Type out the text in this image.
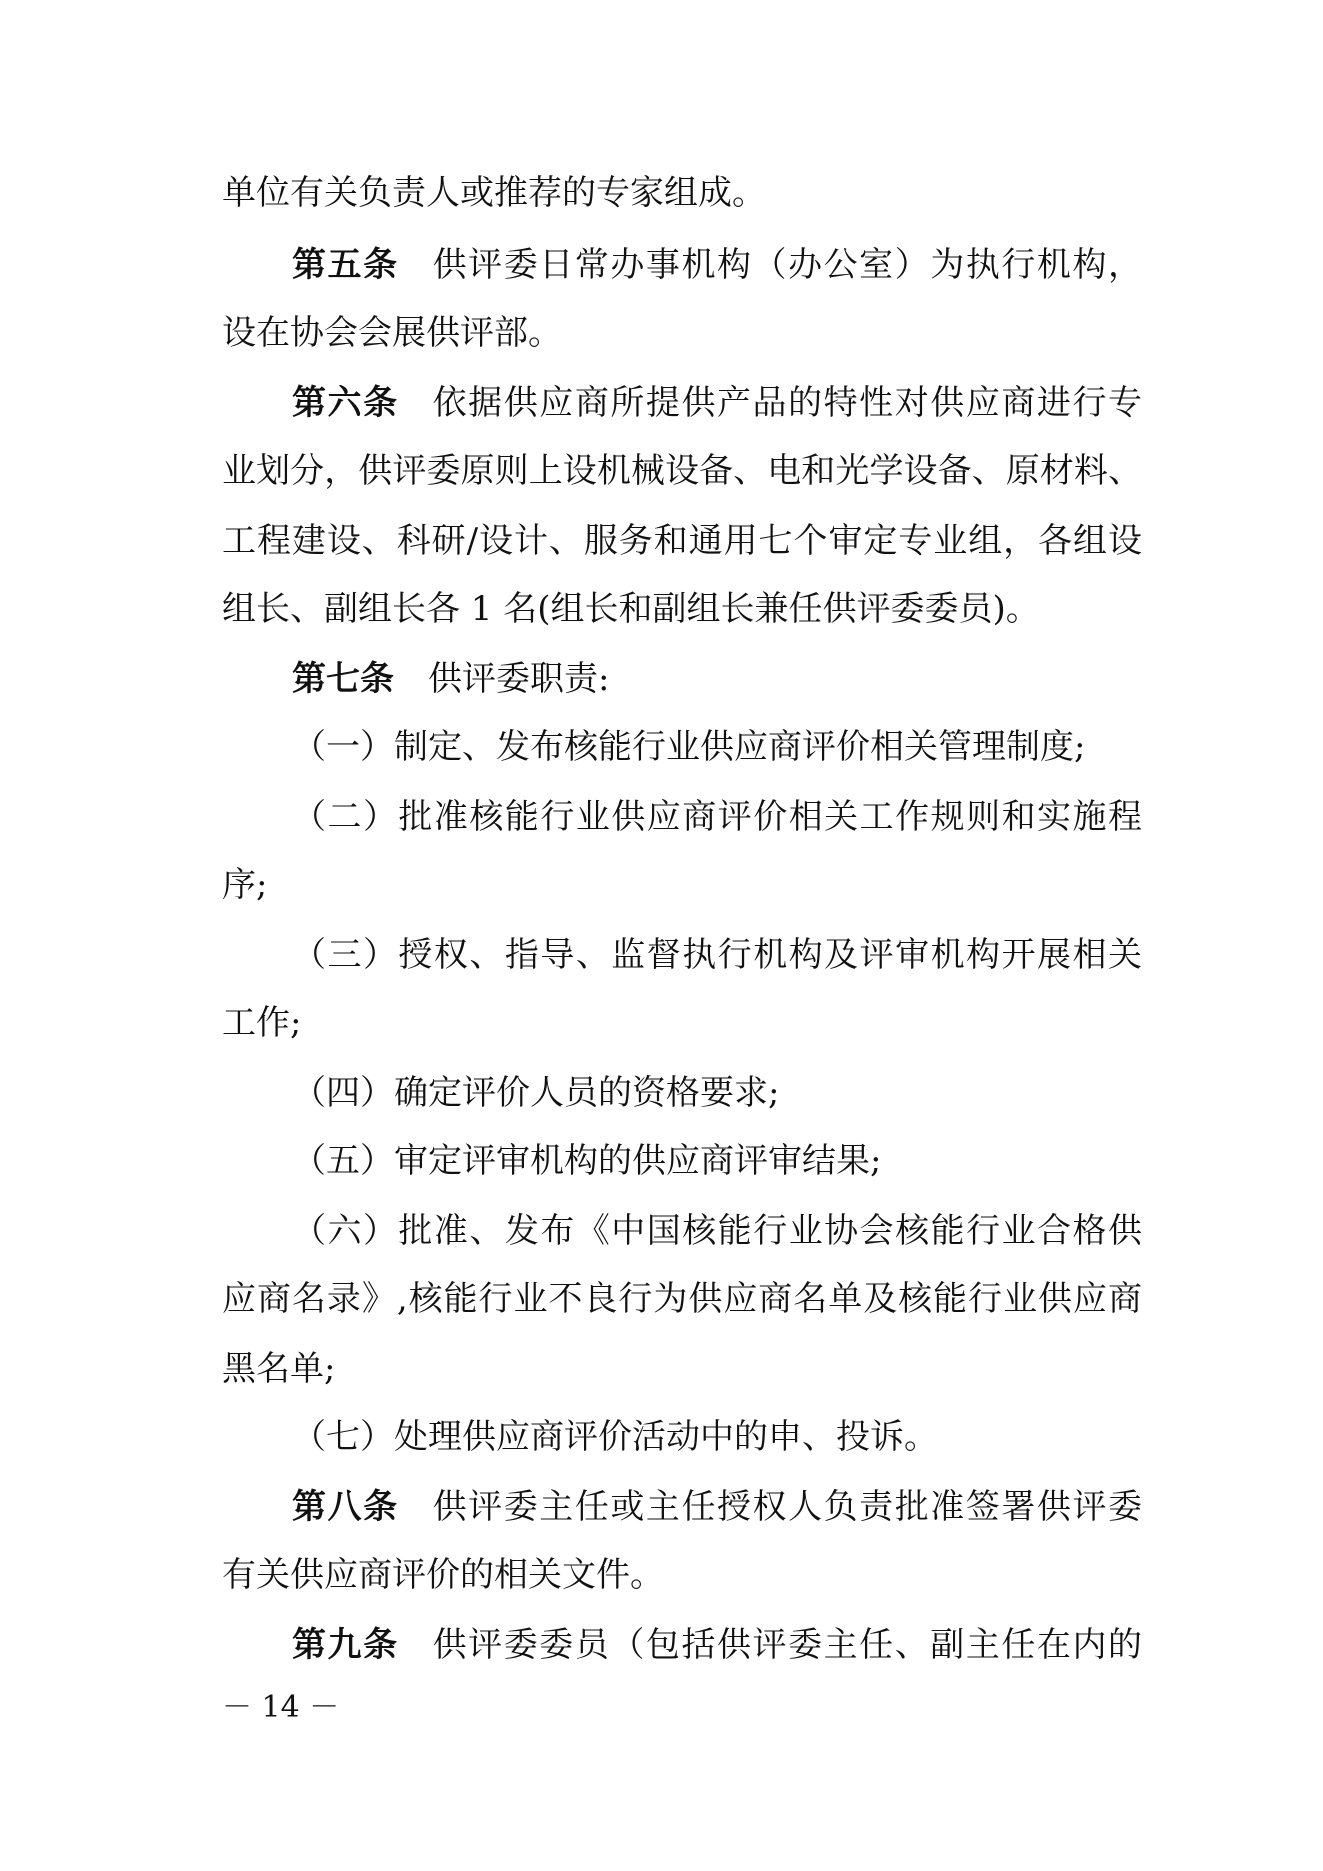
单位有关负责人或推荐的专家组成。
第五条 供评委日常办事机构（办公室）为执行机构，
设在协会会展供评部。
第六条 依据供应商所提供产品的特性对供应商进行专
业划分，供评委原则上设机械设备、电和光学设备、原材料、
工程建设、科研/设计、服务和通用七个审定专业组，各组设
组长、副组长各 1 名(组长和副组长兼任供评委委员)。
第七条 供评委职责:
（一）制定、发布核能行业供应商评价相关管理制度;
（二）批准核能行业供应商评价相关工作规则和实施程
序;
（三）授权、指导、监督执行机构及评审机构开展相关
工作;
（四）确定评价人员的资格要求;
（五）审定评审机构的供应商评审结果;
（六）批准、发布《中国核能行业协会核能行业合格供
应商名录》,核能行业不良行为供应商名单及核能行业供应商
黑名单;
（七）处理供应商评价活动中的申、投诉。
第八条 供评委主任或主任授权人负责批准签署供评委
有关供应商评价的相关文件。
第九条 供评委委员（包括供评委主任、副主任在内的
－ 14 －
